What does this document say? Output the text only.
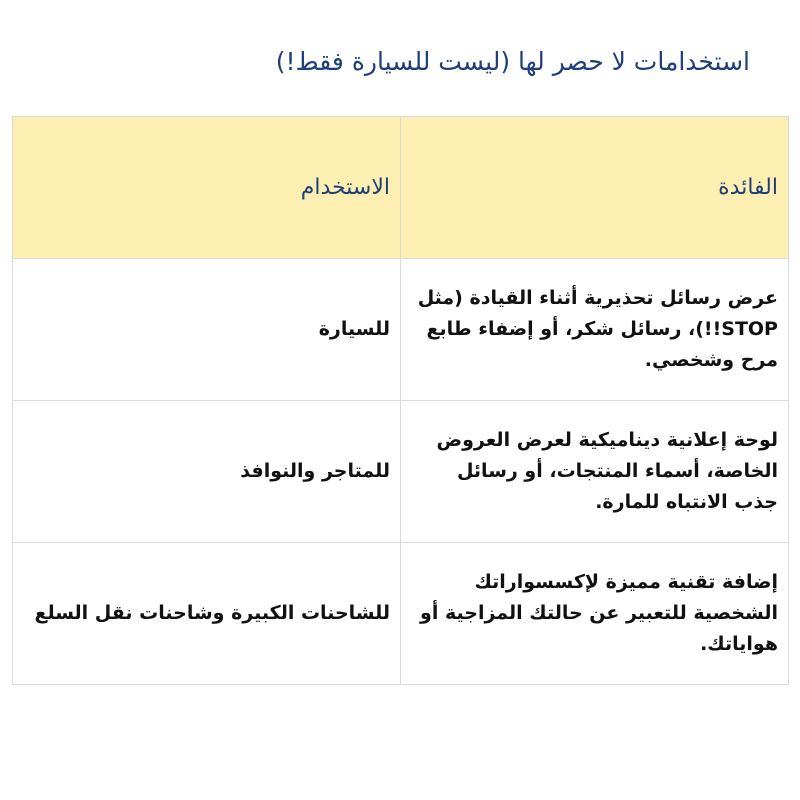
استخدامات لا حصر لها (ليست للسيارة فقط!)
الفائدة	الاستخدام
عرض رسائل تحذيرية أثناء القيادة (مثل STOP!!)، رسائل شكر، أو إضفاء طابع مرح وشخصي.	للسيارة
لوحة إعلانية ديناميكية لعرض العروض الخاصة، أسماء المنتجات، أو رسائل جذب الانتباه للمارة.	للمتاجر والنوافذ
إضافة تقنية مميزة لإكسسواراتك الشخصية للتعبير عن حالتك المزاجية أو هواياتك.	للشاحنات الكبيرة وشاحنات نقل السلع
